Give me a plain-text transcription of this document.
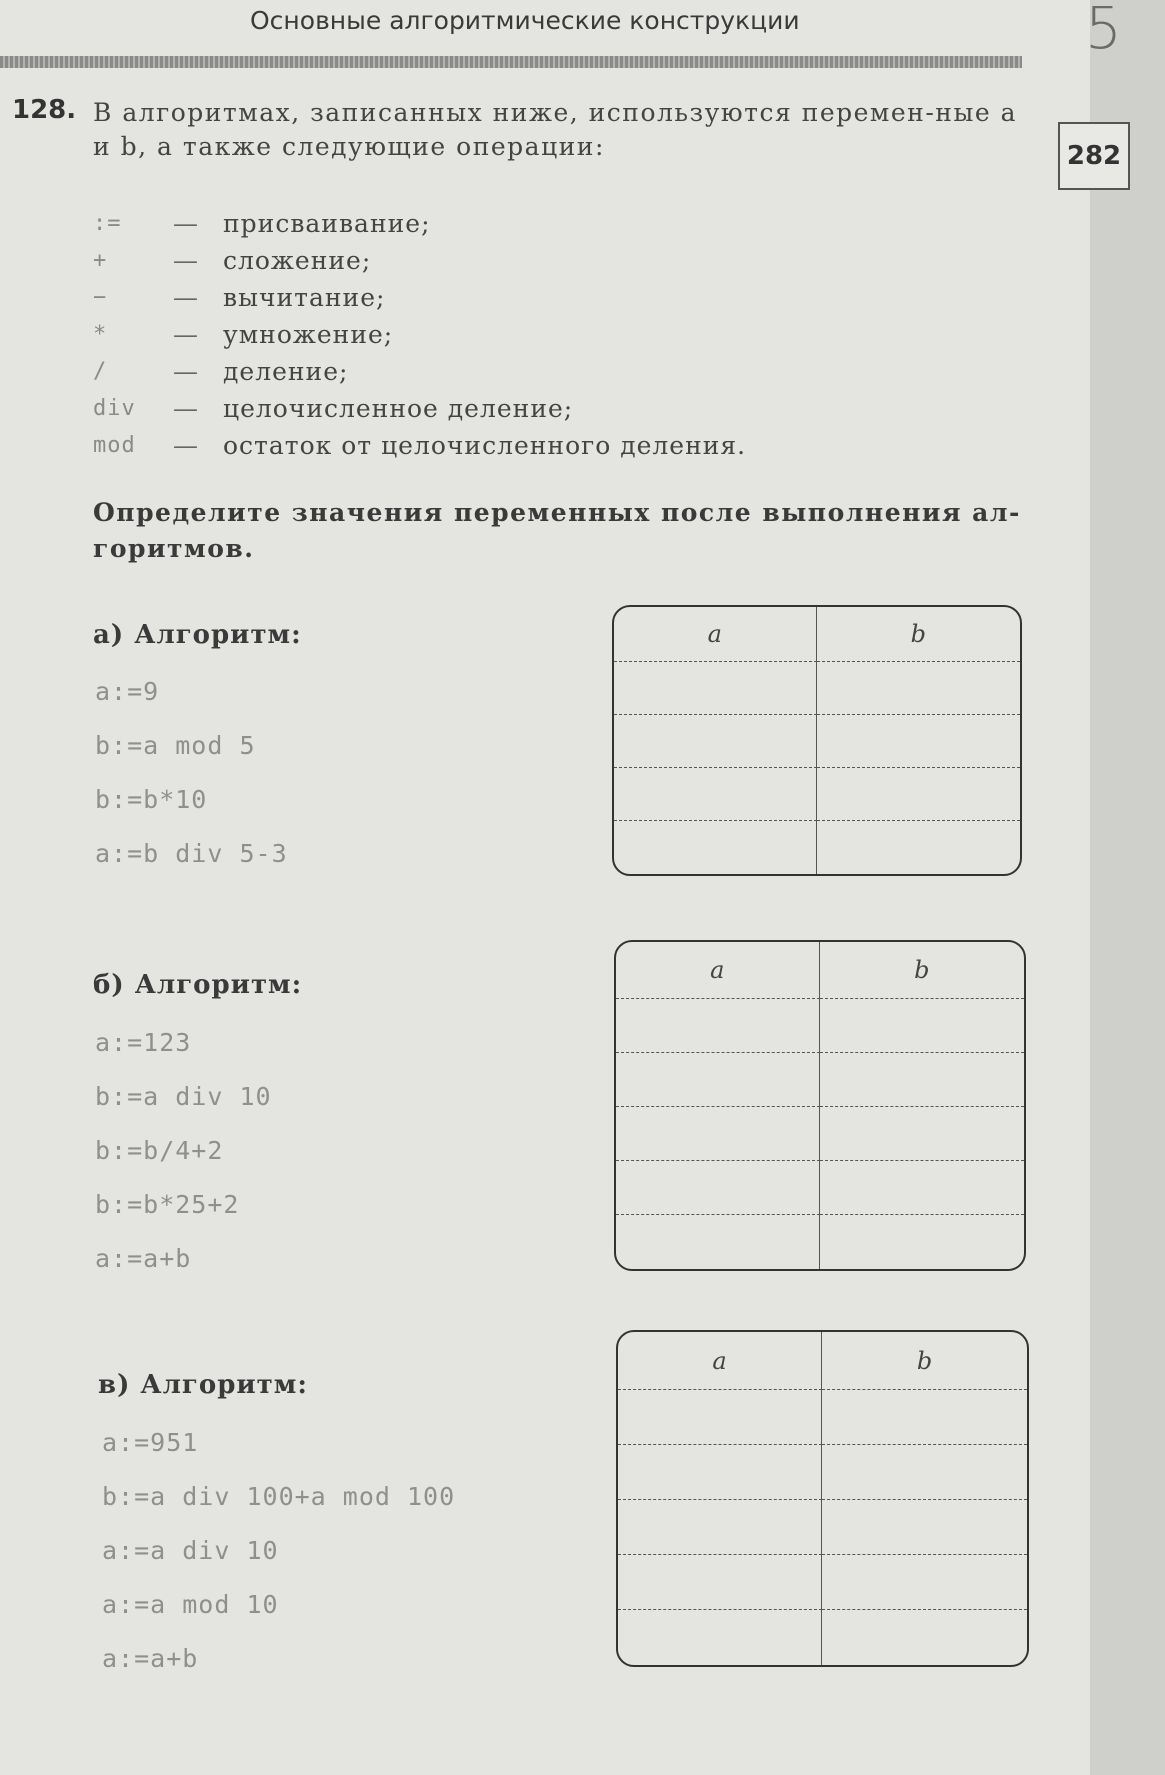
Основные алгоритмические конструкции	5
282
128. В алгоритмах, записанных ниже, используются перемен-ные a и b, а также следующие операции:
:=	— присваивание;
+	— сложение;
−	— вычитание;
*	— умножение;
/	— деление;
div	— целочисленное деление;
mod	— остаток от целочисленного деления.
Определите значения переменных после выполнения ал-горитмов.
а) Алгоритм:
a:=9
b:=a mod 5
b:=b*10
a:=b div 5-3
a	b

б) Алгоритм:
a:=123
b:=a div 10
b:=b/4+2
b:=b*25+2
a:=a+b
a	b

в) Алгоритм:
a:=951
b:=a div 100+a mod 100
a:=a div 10
a:=a mod 10
a:=a+b
a	b
